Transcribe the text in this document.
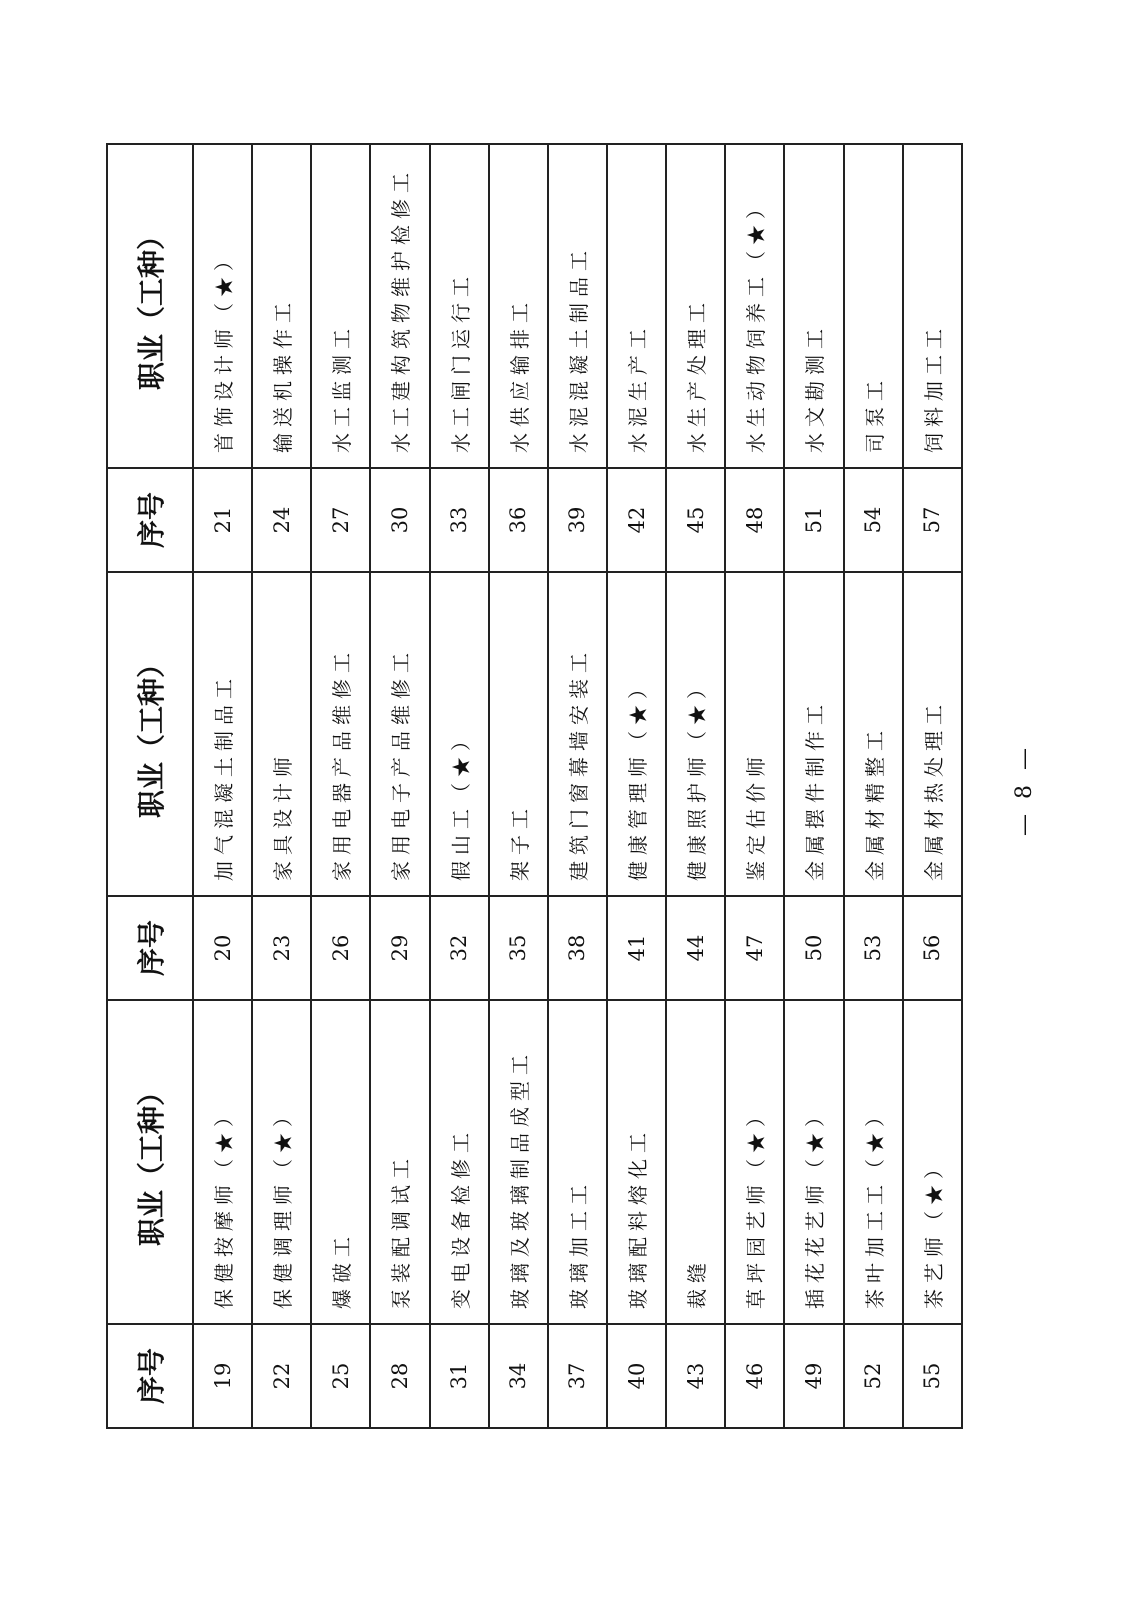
序号	职业（工种）	序号	职业（工种）	序号	职业（工种）
19	保健按摩师（★）	20	加气混凝土制品工	21	首饰设计师（★）
22	保健调理师（★）	23	家具设计师	24	输送机操作工
25	爆破工	26	家用电器产品维修工	27	水工监测工
28	泵装配调试工	29	家用电子产品维修工	30	水工建构筑物维护检修工
31	变电设备检修工	32	假山工（★）	33	水工闸门运行工
34	玻璃及玻璃制品成型工	35	架子工	36	水供应输排工
37	玻璃加工工	38	建筑门窗幕墙安装工	39	水泥混凝土制品工
40	玻璃配料熔化工	41	健康管理师（★）	42	水泥生产工
43	裁缝	44	健康照护师（★）	45	水生产处理工
46	草坪园艺师（★）	47	鉴定估价师	48	水生动物饲养工（★）
49	插花花艺师（★）	50	金属摆件制作工	51	水文勘测工
52	茶叶加工工（★）	53	金属材精整工	54	司泵工
55	茶艺师（★）	56	金属材热处理工	57	饲料加工工
— 8 —
